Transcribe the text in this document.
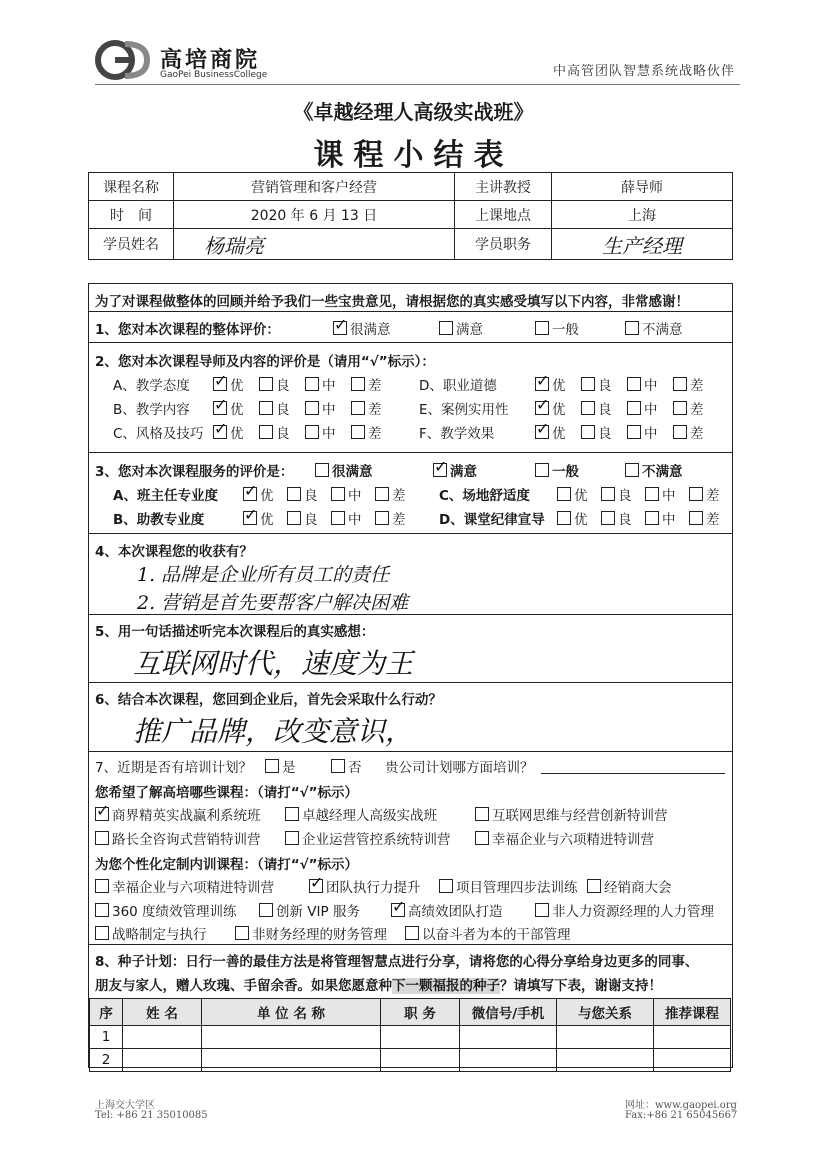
高培商院
GaoPei BusinessCollege	中高管团队智慧系统战略伙伴
《卓越经理人高级实战班》
课程小结表
课程名称	营销管理和客户经营	主讲教授	薛导师
时　间	2020 年 6 月 13 日	上课地点	上海
学员姓名	杨瑞亮	学员职务	生产经理
为了对课程做整体的回顾并给予我们一些宝贵意见，请根据您的真实感受填写以下内容，非常感谢！
1、您对本次课程的整体评价： ✓	很满意	满意	一般	不满意
2、您对本次课程导师及内容的评价是（请用“√”标示）：
A、教学态度 ✓	优	良	中	差	D、职业道德 ✓	优	良	中	差
B、教学内容 ✓	优	良	中	差	E、案例实用性 ✓	优	良	中	差
C、风格及技巧 ✓	优	良	中	差	F、教学效果 ✓	优	良	中	差
3、您对本次课程服务的评价是：	很满意 ✓	满意	一般	不满意
A、班主任专业度 ✓	优	良	中	差 C、场地舒适度	优	良	中	差
B、助教专业度 ✓	优	良	中	差 D、课堂纪律宣导	优	良	中	差
4、本次课程您的收获有？
1. 品牌是企业所有员工的责任
2. 营销是首先要帮客户解决困难
5、用一句话描述听完本次课程后的真实感想：
互联网时代，速度为王
6、结合本次课程，您回到企业后，首先会采取什么行动？
推广品牌，改变意识，
7、近期是否有培训计划？	是	否 贵公司计划哪方面培训？
您希望了解高培哪些课程：（请打“√”标示）
✓商界精英实战赢利系统班	卓越经理人高级实战班	互联网思维与经营创新特训营
路长全咨询式营销特训营	企业运营管控系统特训营	幸福企业与六项精进特训营
为您个性化定制内训课程：（请打“√”标示）
幸福企业与六项精进特训营 ✓	团队执行力提升	项目管理四步法训练	经销商大会
360 度绩效管理训练	创新 VIP 服务 ✓	高绩效团队打造	非人力资源经理的人力管理
战略制定与执行	非财务经理的财务管理	以奋斗者为本的干部管理
8、种子计划：日行一善的最佳方法是将管理智慧点进行分享，请将您的心得分享给身边更多的同事、
朋友与家人，赠人玫瑰、手留余香。如果您愿意种下一颗福报的种子？请填写下表，谢谢支持！
序	姓 名	单 位 名 称	职 务	微信号/手机	与您关系	推荐课程
1						
2						
上海交大学区
Tel: +86 21 35010085
网址：www.gaopei.org
Fax:+86 21 65045667
